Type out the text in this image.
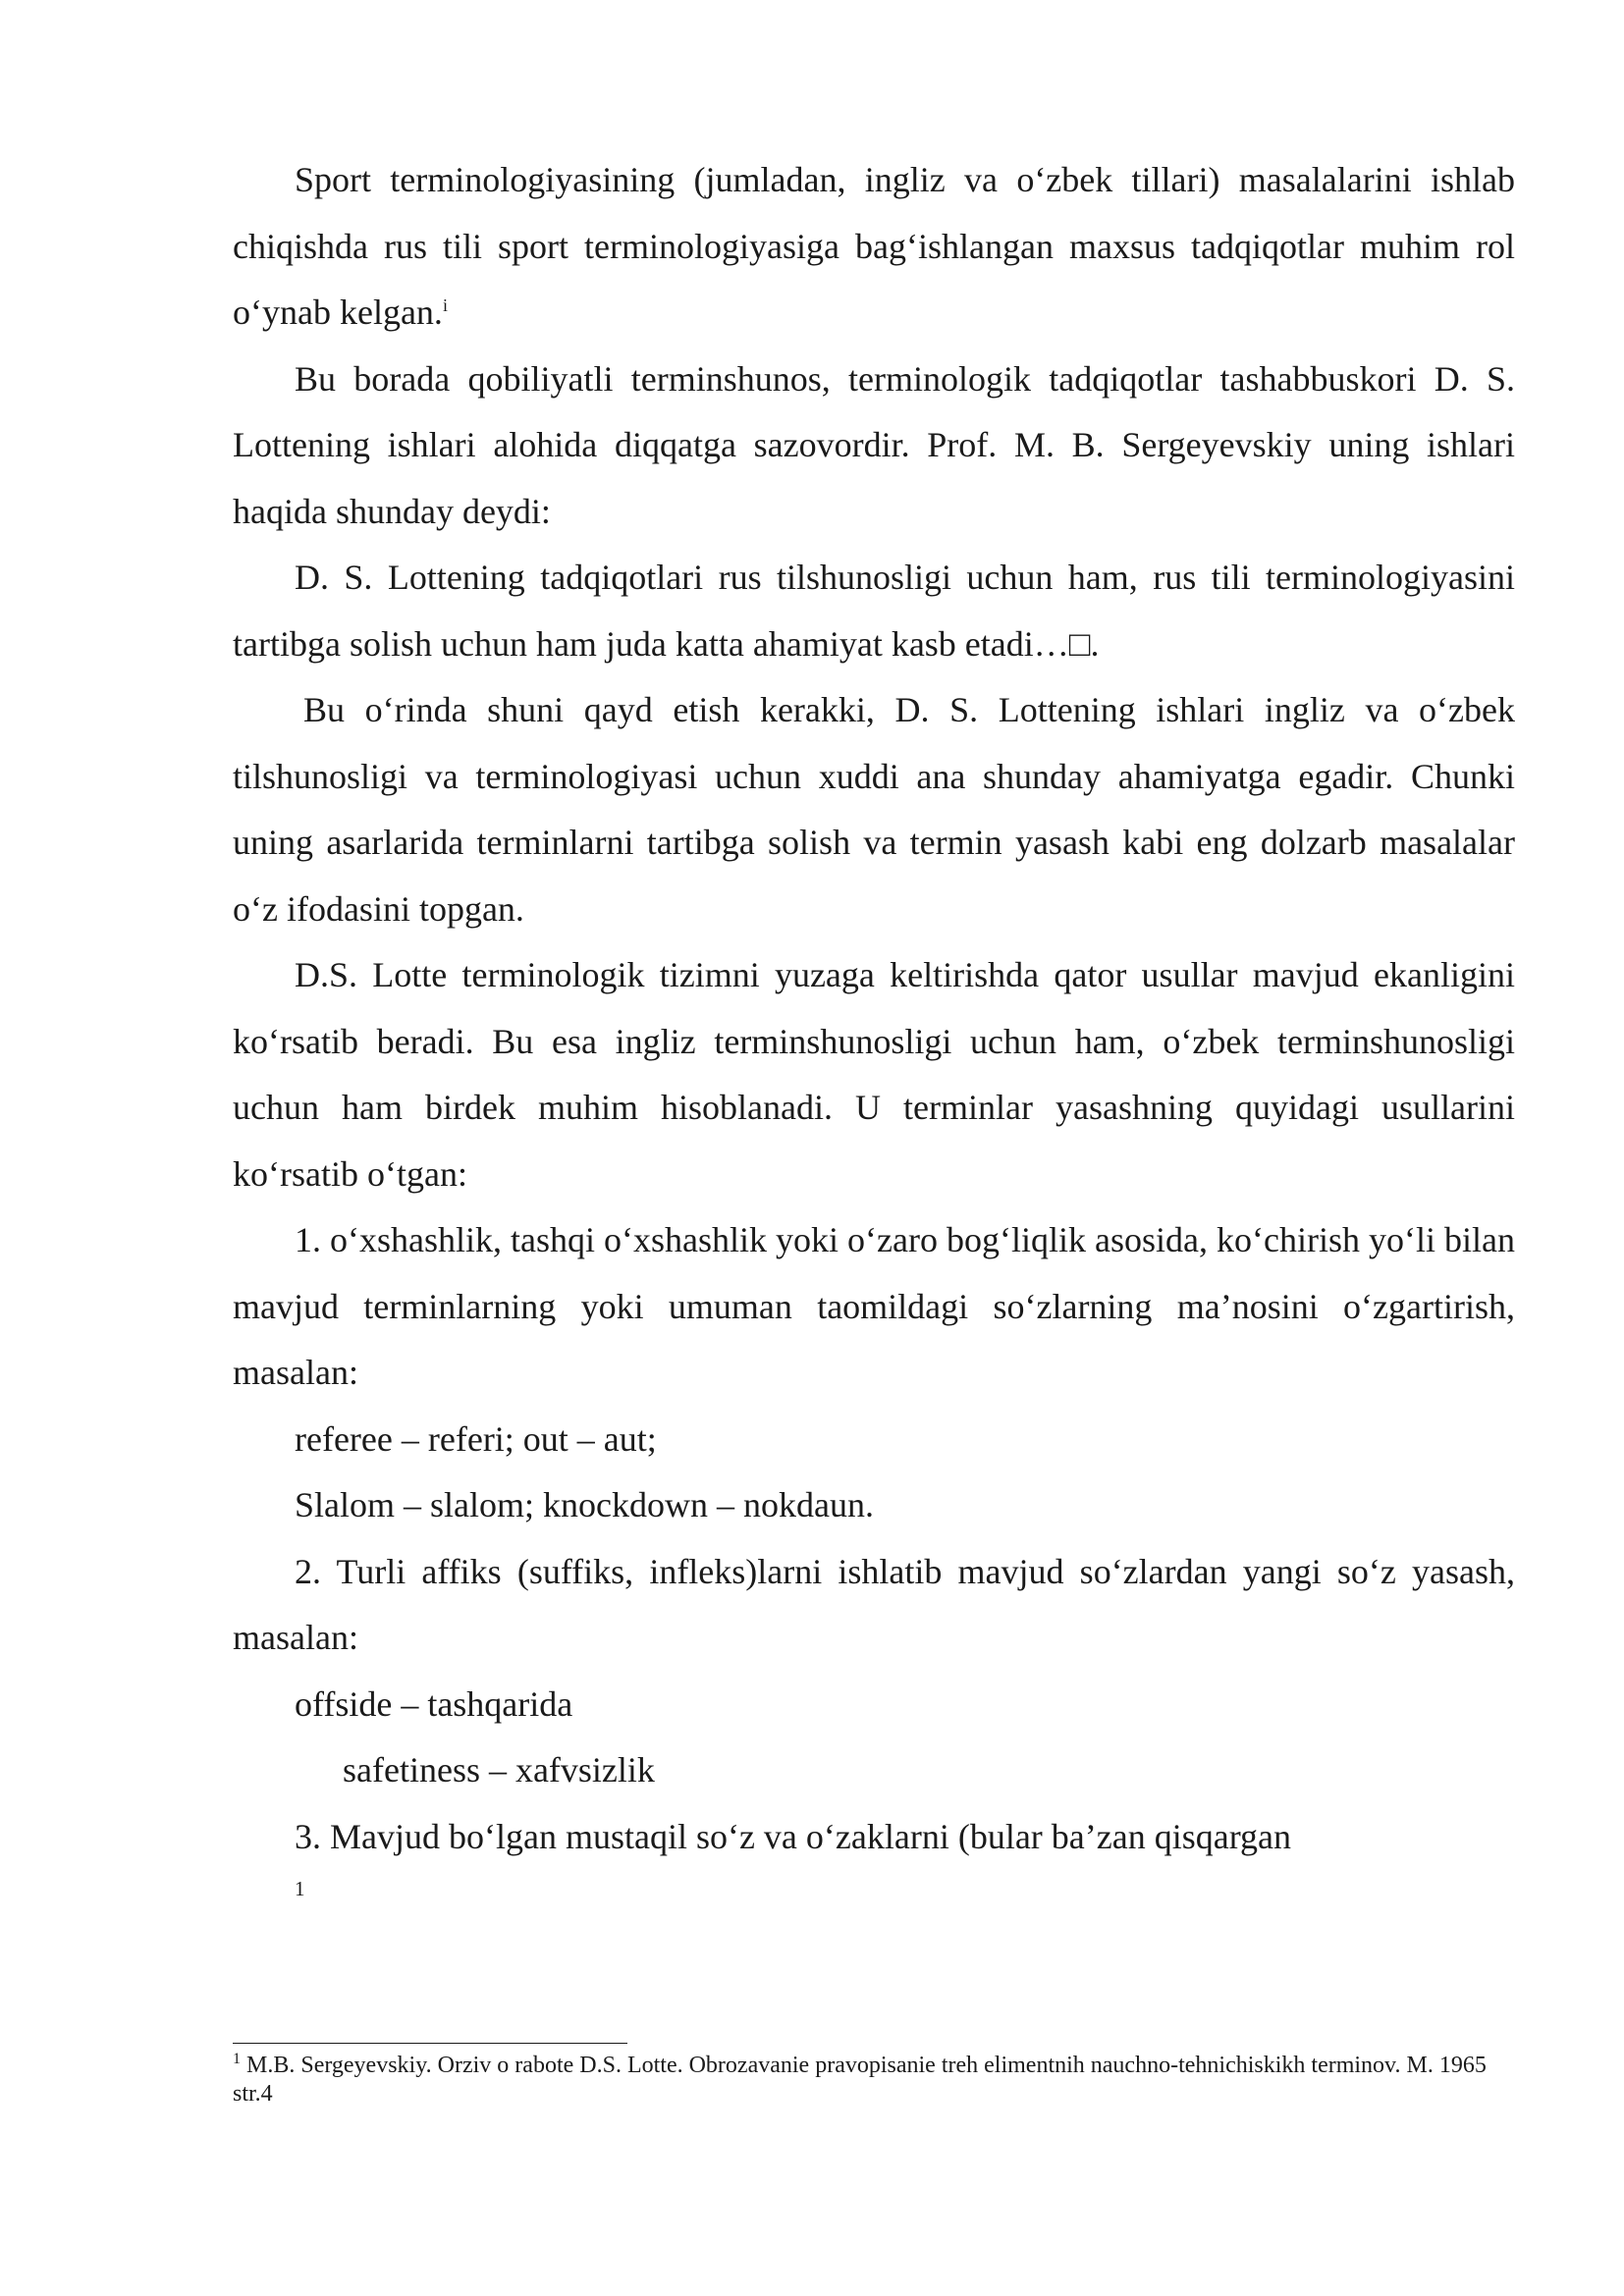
Sport terminologiyasining (jumladan, ingliz va o‘zbek tillari) masalalarini ishlab chiqishda rus tili sport terminologiyasiga bag‘ishlangan maxsus tadqiqotlar muhim rol o‘ynab kelgan.$^i$

Bu borada qobiliyatli terminshunos, terminologik tadqiqotlar tashabbuskori D. S. Lottening ishlari alohida diqqatga sazovordir. Prof. M. B. Sergeyevskiy uning ishlari haqida shunday deydi:

D. S. Lottening tadqiqotlari rus tilshunosligi uchun ham, rus tili terminologiyasini tartibga solish uchun ham juda katta ahamiyat kasb etadi…□.

Bu o‘rinda shuni qayd etish kerakki, D. S. Lottening ishlari ingliz va o‘zbek tilshunosligi va terminologiyasi uchun xuddi ana shunday ahamiyatga egadir. Chunki uning asarlarida terminlarni tartibga solish va termin yasash kabi eng dolzarb masalalar o‘z ifodasini topgan.

D.S. Lotte terminologik tizimni yuzaga keltirishda qator usullar mavjud ekanligini ko‘rsatib beradi. Bu esa ingliz terminshunosligi uchun ham, o‘zbek terminshunosligi uchun ham birdek muhim hisoblanadi. U terminlar yasashning quyidagi usullarini ko‘rsatib o‘tgan:

1. o‘xshashlik, tashqi o‘xshashlik yoki o‘zaro bog‘liqlik asosida, ko‘chirish yo‘li bilan mavjud terminlarning yoki umuman taomildagi so‘zlarning ma’nosini o‘zgartirish, masalan:

referee – referi; out – aut;

Slalom – slalom; knockdown – nokdaun.

2. Turli affiks (suffiks, infleks)larni ishlatib mavjud so‘zlardan yangi so‘z yasash, masalan:

offside – tashqarida

safetiness – xafvsizlik

3. Mavjud bo‘lgan mustaqil so‘z va o‘zaklarni (bular ba’zan qisqargan

1
$^1$ M.B. Sergeyevskiy. Orziv o rabote D.S. Lotte. Obrozavanie pravopisanie treh elimentnih nauchno-tehnichiskikh terminov. M. 1965 str.4
